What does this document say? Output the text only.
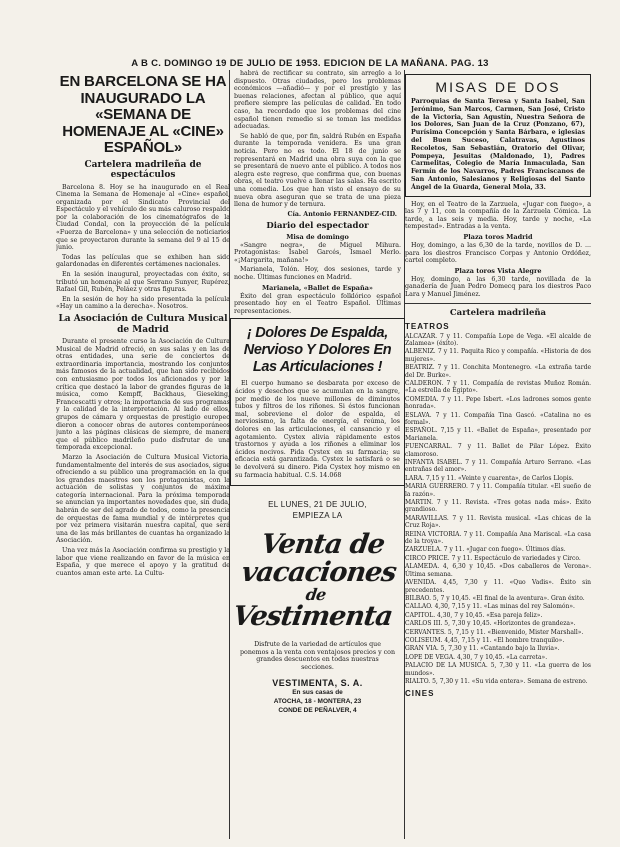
A B C. DOMINGO 19 DE JULIO DE 1953. EDICION DE LA MAÑANA. PAG. 13
EN BARCELONA SE HA INAUGURADO LA «SEMANA DE HOMENAJE AL «CINE» ESPAÑOL»
Cartelera madrileña de espectáculos

Barcelona 8. Hoy se ha inaugurado en el Real Cinema la Semana de Homenaje al «Cine» español, organizada por el Sindicato Provincial del Espectáculo y el vehículo de su más caluroso respaldo por la colaboración de los cinematógrafos de la Ciudad Condal, con la proyección de la película «Fuerza de Barcelona» y una selección de noticiarios que se proyectaron durante la semana del 9 al 15 de junio.

Todas las películas que se exhiben han sido galardonadas en diferentes certámenes nacionales.

En la sesión inaugural, proyectadas con éxito, se tributó un homenaje al que Serrano Sunyer, Rupérez, Rafael Gil, Rubén, Peláez y otras figuras.

En la sesión de hoy ha sido presentada la película «Hay un camino a la derecha». Nosotros.

La Asociación de Cultura Musical de Madrid

Durante el presente curso la Asociación de Cultura Musical de Madrid ofreció, en sus salas y en las de otras entidades, una serie de conciertos de extraordinaria importancia, mostrando los conjuntos más famosos de la actualidad, que han sido recibidos con entusiasmo por todos los aficionados y por la crítica que destacó la labor de grandes figuras de la música, como Kempff, Backhaus, Gieseking, Francescatti y otros; la importancia de sus programas y la calidad de la interpretación. Al lado de ellos, grupos de cámara y orquestas de prestigio europeo dieron a conocer obras de autores contemporáneos junto a las páginas clásicas de siempre, de manera que el público madrileño pudo disfrutar de una temporada excepcional.

Marzo la Asociación de Cultura Musical Victoria, fundamentalmente del interés de sus asociados, sigue ofreciendo a su público una programación en la que los grandes maestros son los protagonistas, con la actuación de solistas y conjuntos de máxima categoría internacional. Para la próxima temporada se anuncian ya importantes novedades que, sin duda, habrán de ser del agrado de todos, como la presencia de orquestas de fama mundial y de intérpretes que por vez primera visitarán nuestra capital, que será una de las más brillantes de cuantas ha organizado la Asociación.

Una vez más la Asociación confirma su prestigio y la labor que viene realizando en favor de la música en España, y que merece el apoyo y la gratitud de cuantos aman este arte. La Cultu-

habrá de rectificar su contrato, sin arreglo a lo dispuesto. Otras ciudades, pero los problemas económicos —añadió— y por el prestigio y las buenas relaciones, afectan al público, que aquí prefiere siempre las películas de calidad. En todo caso, ha recordado que los problemas del cine español tienen remedio si se toman las medidas adecuadas.

Se habló de que, por fin, saldrá Rubén en España durante la temporada venidera. Es una gran noticia. Pero no es todo. El 18 de junio se representará en Madrid una obra suya con la que se presentará de nuevo ante el público. A todos nos alegra este regreso, que confirma que, con buenas obras, el teatro vuelve a llenar las salas. Ha escrito una comedia. Los que han visto el ensayo de su nueva obra aseguran que se trata de una pieza llena de humor y de ternura.

Cía. Antonio FERNANDEZ-CID.
Diario del espectador
Misa de domingo

«Sangre negra», de Miguel Mihura. Protagonistas: Isabel Garcés, Ismael Merlo. «¡Margarita, mañana!»

Marianela, Tolón. Hoy, dos sesiones, tarde y noche. Últimas funciones en Madrid.

Marianela, «Ballet de España»

Éxito del gran espectáculo folklórico español presentado hoy en el Teatro Español. Últimas representaciones.

¡ Dolores De Espalda, Nervioso Y Dolores En Las Articulaciones !

El cuerpo humano se desbarata por exceso de ácidos y desechos que se acumulan en la sangre, por medio de los nueve millones de diminutos tubos y filtros de los riñones. Si éstos funcionan mal, sobreviene el dolor de espalda, el nerviosismo, la falta de energía, el reúma, los dolores en las articulaciones, el cansancio y el agotamiento. Cystex alivia rápidamente estos trastornos y ayuda a los riñones a eliminar los ácidos nocivos. Pida Cystex en su farmacia; su eficacia está garantizada. Cystex le satisfará o se le devolverá su dinero. Pida Cystex hoy mismo en su farmacia habitual. C.S. 14.068

EL LUNES, 21 DE JULIO,
EMPIEZA LA
Venta de
vacaciones

de
Vestimenta

Disfrute de la variedad de artículos que ponemos a la venta con ventajosos precios y con grandes descuentos en todas nuestras secciones.

VESTIMENTA, S. A.
En sus casas de
ATOCHA, 18 - MONTERA, 23
CONDE DE PEÑALVER, 4
MISAS DE DOS

Parroquias de Santa Teresa y Santa Isabel, San Jerónimo, San Marcos, Carmen, San José, Cristo de la Victoria, San Agustín, Nuestra Señora de los Dolores, San Juan de la Cruz (Ponzano, 67), Purísima Concepción y Santa Bárbara, e iglesias del Buen Suceso, Calatravas, Agustinos Recoletos, San Sebastián, Oratorio del Olivar, Pompeya, Jesuitas (Maldonado, 1), Padres Carmelitas, Colegio de María Inmaculada, San Fermín de los Navarros, Padres Franciscanos de San Antonio, Salesianos y Religiosas del Santo Ángel de la Guarda, General Mola, 33.

Hoy, en el Teatro de la Zarzuela, «Jugar con fuego», a las 7 y 11, con la compañía de la Zarzuela Cómica. La tarde, a las seis y media. Hoy, tarde y noche, «La tempestad». Entradas a la venta.

Plaza toros Madrid

Hoy, domingo, a las 6,30 de la tarde, novillos de D. ... para los diestros Francisco Corpas y Antonio Ordóñez, cartel completo.

Plaza toros Vista Alegre

Hoy, domingo, a las 6,30 tarde, novillada de la ganadería de Juan Pedro Domecq para los diestros Paco Lara y Manuel Jiménez.

Cartelera madrileña
TEATROS

ALCAZAR. 7 y 11. Compañía Lope de Vega. «El alcalde de Zalamea» (éxito).

ALBENIZ. 7 y 11. Paquita Rico y compañía. «Historia de dos mujeres».

BEATRIZ. 7 y 11. Conchita Montenegro. «La extraña tarde del Dr. Burke».

CALDERON. 7 y 11. Compañía de revistas Muñoz Román. «La estrella de Egipto».

COMEDIA. 7 y 11. Pepe Isbert. «Los ladrones somos gente honrada».

ESLAVA. 7 y 11. Compañía Tina Gascó. «Catalina no es formal».

ESPAÑOL. 7,15 y 11. «Ballet de España», presentado por Marianela.

FUENCARRAL. 7 y 11. Ballet de Pilar López. Éxito clamoroso.

INFANTA ISABEL. 7 y 11. Compañía Arturo Serrano. «Las entrañas del amor».

LARA. 7,15 y 11. «Veinte y cuarenta», de Carlos Llopis.

MARIA GUERRERO. 7 y 11. Compañía titular. «El sueño de la razón».

MARTIN. 7 y 11. Revista. «Tres gotas nada más». Éxito grandioso.

MARAVILLAS. 7 y 11. Revista musical. «Las chicas de la Cruz Roja».

REINA VICTORIA. 7 y 11. Compañía Ana Mariscal. «La casa de la troya».

ZARZUELA. 7 y 11. «Jugar con fuego». Últimos días.

CIRCO PRICE. 7 y 11. Espectáculo de variedades y Circo.

ALAMEDA. 4, 6,30 y 10,45. «Dos caballeros de Verona». Última semana.

AVENIDA. 4,45, 7,30 y 11. «Quo Vadis». Éxito sin precedentes.

BILBAO. 5, 7 y 10,45. «El final de la aventura». Gran éxito.

CALLAO. 4,30, 7,15 y 11. «Las minas del rey Salomón».

CAPITOL. 4,30, 7 y 10,45. «Esa pareja feliz».

CARLOS III. 5, 7,30 y 10,45. «Horizontes de grandeza».

CERVANTES. 5, 7,15 y 11. «Bienvenido, Mister Marshall».

COLISEUM. 4,45, 7,15 y 11. «El hombre tranquilo».

GRAN VIA. 5, 7,30 y 11. «Cantando bajo la lluvia».

LOPE DE VEGA. 4,30, 7 y 10,45. «La carreta».

PALACIO DE LA MUSICA. 5, 7,30 y 11. «La guerra de los mundos».

RIALTO. 5, 7,30 y 11. «Su vida entera». Semana de estreno.

CINES
